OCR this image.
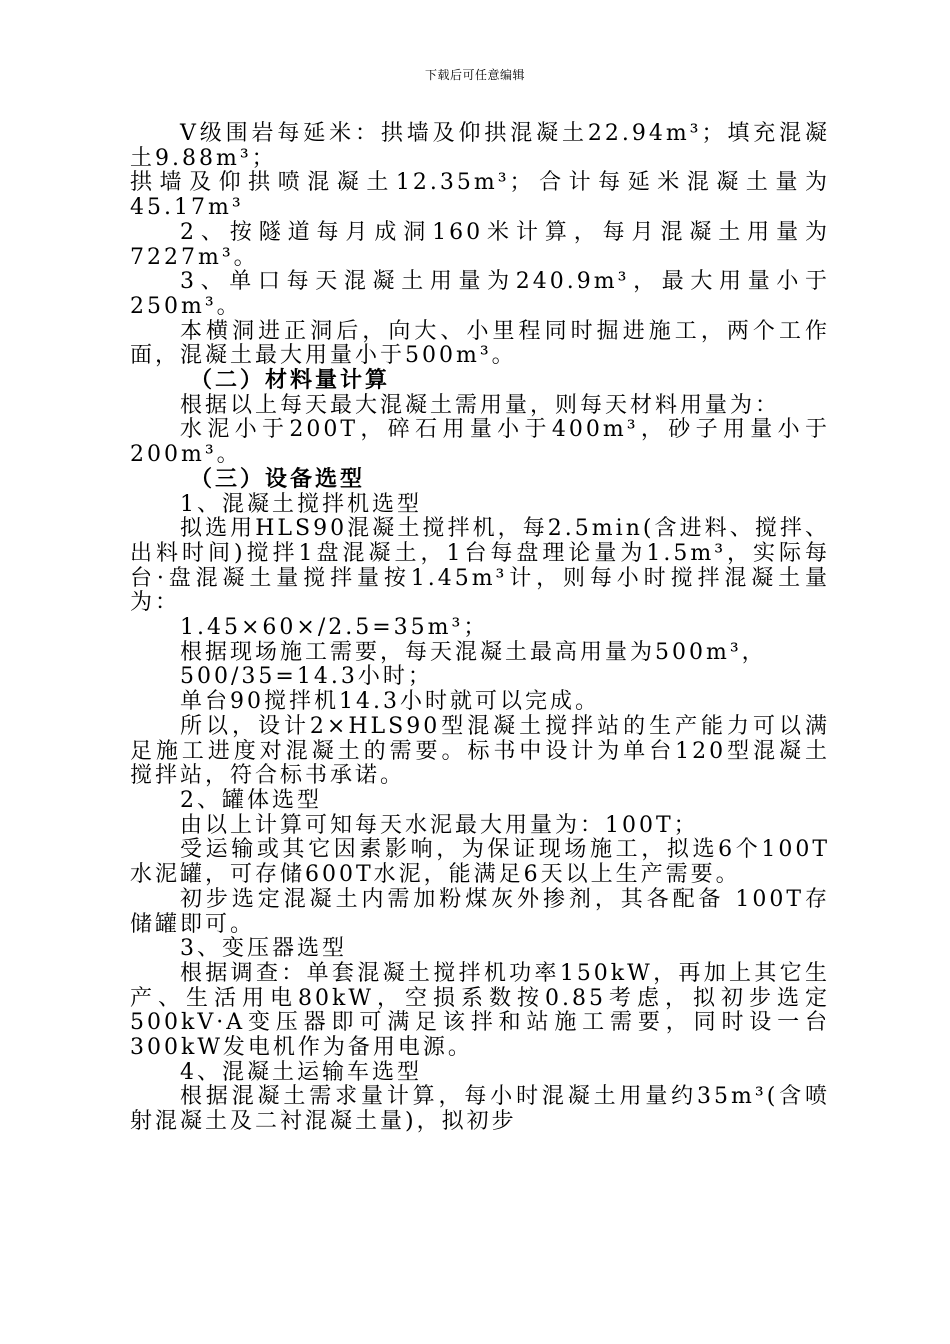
下载后可任意编辑

Ⅴ级围岩每延米：拱墙及仰拱混凝土22.94m³；填充混凝土9.88m³；

拱墙及仰拱喷混凝土12.35m³；合计每延米混凝土量为45.17m³

2、按隧道每月成洞160米计算，每月混凝土用量为7227m³。

3、单口每天混凝土用量为240.9m³，最大用量小于250m³。

本横洞进正洞后，向大、小里程同时掘进施工，两个工作面，混凝土最大用量小于500m³。

（二）材料量计算

根据以上每天最大混凝土需用量，则每天材料用量为：

水泥小于200T，碎石用量小于400m³，砂子用量小于200m³。

（三）设备选型

1、混凝土搅拌机选型

拟选用HLS90混凝土搅拌机，每2.5min(含进料、搅拌、出料时间)搅拌1盘混凝土，1台每盘理论量为1.5m³，实际每台·盘混凝土量搅拌量按1.45m³计，则每小时搅拌混凝土量为：

1.45×60×/2.5=35m³；

根据现场施工需要，每天混凝土最高用量为500m³，

500/35=14.3小时；

单台90搅拌机14.3小时就可以完成。

所以，设计2×HLS90型混凝土搅拌站的生产能力可以满足施工进度对混凝土的需要。标书中设计为单台120型混凝土搅拌站，符合标书承诺。

2、罐体选型

由以上计算可知每天水泥最大用量为：100T；

受运输或其它因素影响，为保证现场施工，拟选6个100T水泥罐，可存储600T水泥，能满足6天以上生产需要。

初步选定混凝土内需加粉煤灰外掺剂，其各配备 100T存储罐即可。

3、变压器选型

根据调查：单套混凝土搅拌机功率150kW，再加上其它生产、生活用电80kW，空损系数按0.85考虑，拟初步选定500kV·A变压器即可满足该拌和站施工需要，同时设一台300kW发电机作为备用电源。

4、混凝土运输车选型

根据混凝土需求量计算，每小时混凝土用量约35m³(含喷射混凝土及二衬混凝土量)，拟初步
